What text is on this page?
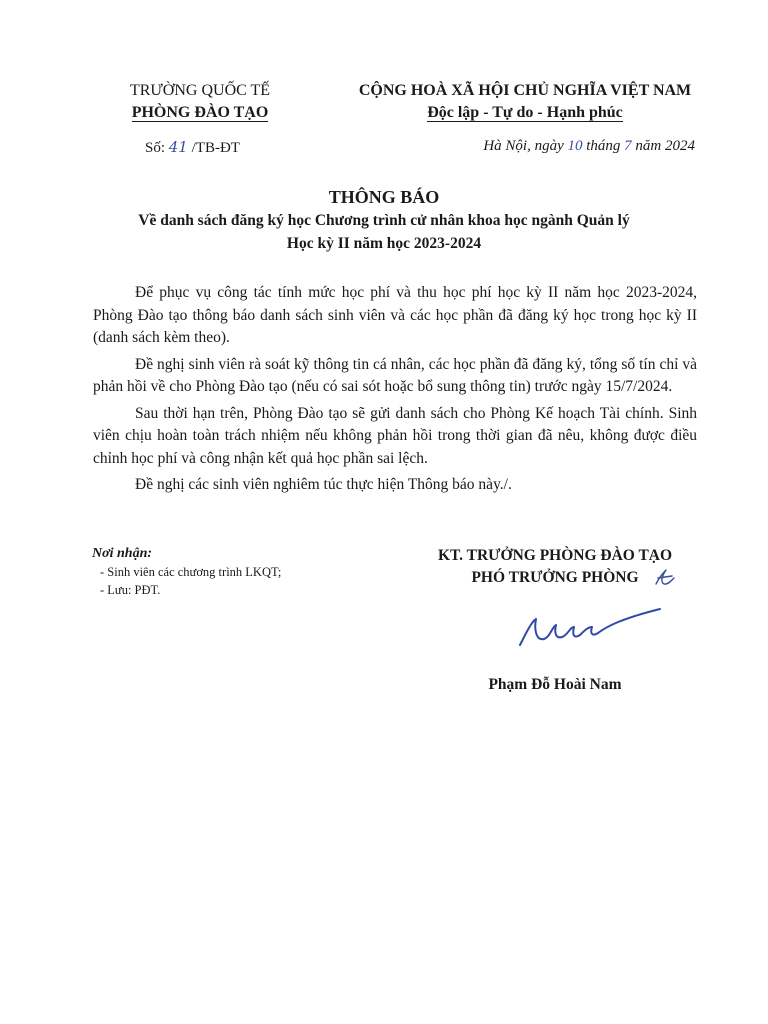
TRƯỜNG QUỐC TẾ
PHÒNG ĐÀO TẠO
CỘNG HOÀ XÃ HỘI CHỦ NGHĨA VIỆT NAM
Độc lập - Tự do - Hạnh phúc
Số: 41 /TB-ĐT	Hà Nội, ngày 10 tháng 7 năm 2024
THÔNG BÁO
Về danh sách đăng ký học Chương trình cử nhân khoa học ngành Quản lý
Học kỳ II năm học 2023-2024

Để phục vụ công tác tính mức học phí và thu học phí học kỳ II năm học 2023-2024, Phòng Đào tạo thông báo danh sách sinh viên và các học phần đã đăng ký học trong học kỳ II (danh sách kèm theo).

Đề nghị sinh viên rà soát kỹ thông tin cá nhân, các học phần đã đăng ký, tổng số tín chỉ và phản hồi về cho Phòng Đào tạo (nếu có sai sót hoặc bổ sung thông tin) trước ngày 15/7/2024.

Sau thời hạn trên, Phòng Đào tạo sẽ gửi danh sách cho Phòng Kế hoạch Tài chính. Sinh viên chịu hoàn toàn trách nhiệm nếu không phản hồi trong thời gian đã nêu, không được điều chỉnh học phí và công nhận kết quả học phần sai lệch.

Đề nghị các sinh viên nghiêm túc thực hiện Thông báo này./.

Nơi nhận:
- Sinh viên các chương trình LKQT;
- Lưu: PĐT.
KT. TRƯỞNG PHÒNG ĐÀO TẠO
PHÓ TRƯỞNG PHÒNG
Phạm Đỗ Hoài Nam
